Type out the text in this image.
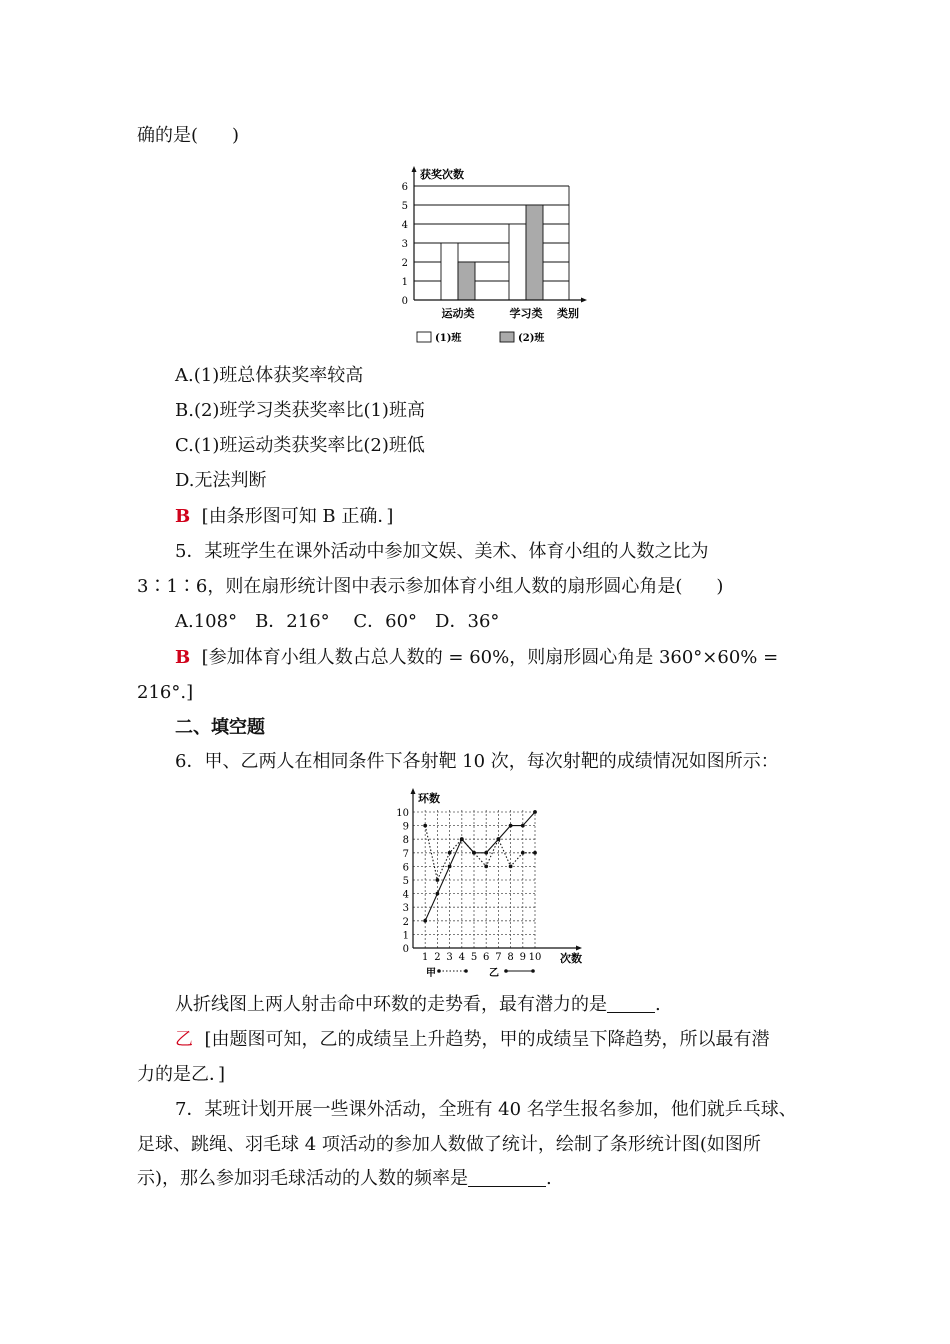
确的是( )
0
1
2
3
4
5
6
运动类	学习类
获奖次数
类别
(1)班	(2)班
A.(1)班总体获奖率较高
B.(2)班学习类获奖率比(1)班高
C.(1)班运动类获奖率比(2)班低
D.无法判断
B [由条形图可知 B 正确．]
5．某班学生在课外活动中参加文娱、美术、体育小组的人数之比为
3∶1∶6，则在扇形统计图中表示参加体育小组人数的扇形圆心角是( )
A.108°　B．216°　 C．60°　D．36°
B [参加体育小组人数占总人数的 = 60%，则扇形圆心角是 360°×60% =
216°.]
二、填空题
6．甲、乙两人在相同条件下各射靶 10 次，每次射靶的成绩情况如图所示：
0
1
2
3
4
5
6
7
8
9
10
1 2 3 4 5 6 7 8 9 10
环数
次数
甲	乙
从折线图上两人射击命中环数的走势看，最有潜力的是	.
乙 [由题图可知，乙的成绩呈上升趋势，甲的成绩呈下降趋势，所以最有潜
力的是乙．]
7．某班计划开展一些课外活动，全班有 40 名学生报名参加，他们就乒乓球、
足球、跳绳、羽毛球 4 项活动的参加人数做了统计，绘制了条形统计图(如图所
示)，那么参加羽毛球活动的人数的频率是	.
